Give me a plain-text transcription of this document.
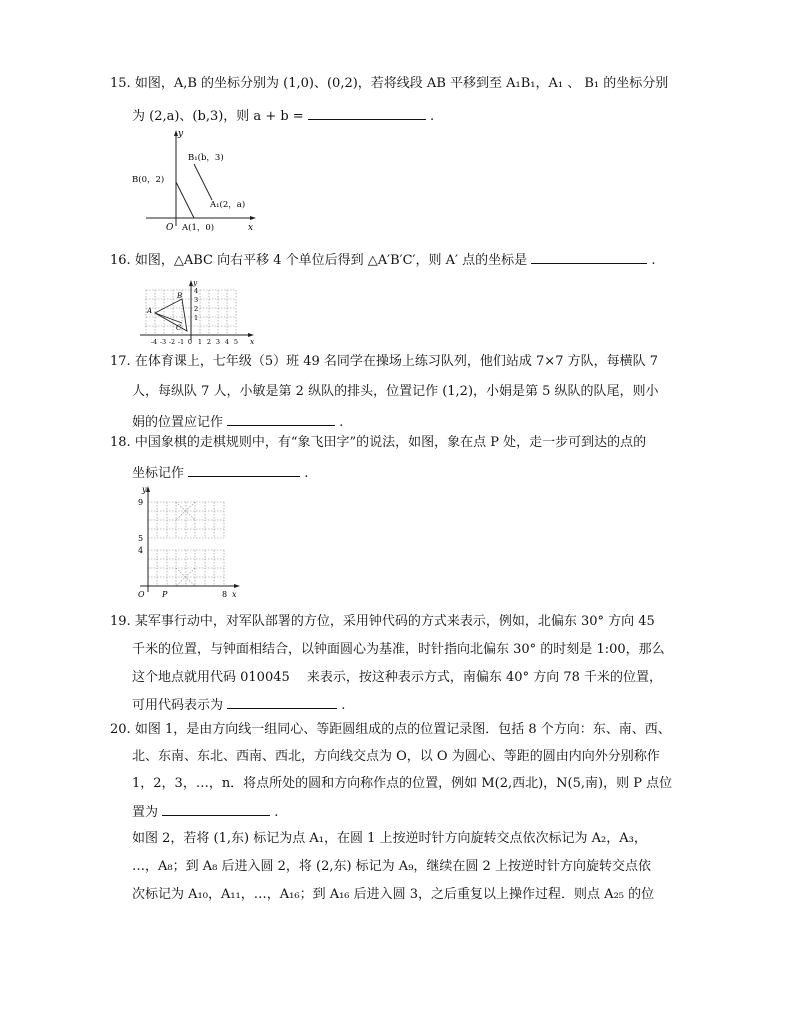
15. 如图，A,B 的坐标分别为 (1,0)、(0,2)，若将线段 AB 平移到至 A₁B₁，A₁ 、 B₁ 的坐标分别
为 (2,a)、(b,3)，则 a + b =	.
y
x
O
B(0，2)
A(1，0)
B₁(b，3)
A₁(2，a)
16. 如图，△ABC 向右平移 4 个单位后得到 △A′B′C′，则 A′ 点的坐标是	.
y
x
-4 -3 -2 -1 0 1 2 3 4 5
4
3
2
1
A
B
C
17. 在体育课上，七年级（5）班 49 名同学在操场上练习队列，他们站成 7×7 方队，每横队 7
人，每纵队 7 人，小敏是第 2 纵队的排头，位置记作 (1,2)，小娟是第 5 纵队的队尾，则小
娟的位置应记作	.
18. 中国象棋的走棋规则中，有“象飞田字”的说法，如图，象在点 P 处，走一步可到达的点的
坐标记作	.
y
x
O
9
5
4
8
P
19. 某军事行动中，对军队部署的方位，采用钟代码的方式来表示，例如，北偏东 30° 方向 45
千米的位置，与钟面相结合，以钟面圆心为基准，时针指向北偏东 30° 的时刻是 1:00，那么
这个地点就用代码 010045　 来表示，按这种表示方式，南偏东 40° 方向 78 千米的位置，
可用代码表示为	.
20. 如图 1，是由方向线一组同心、等距圆组成的点的位置记录图．包括 8 个方向：东、南、西、
北、东南、东北、西南、西北，方向线交点为 O，以 O 为圆心、等距的圆由内向外分别称作
1，2，3，…，n．将点所处的圆和方向称作点的位置，例如 M(2,西北)，N(5,南)，则 P 点位
置为	.
如图 2，若将 (1,东) 标记为点 A₁，在圆 1 上按逆时针方向旋转交点依次标记为 A₂，A₃，
…，A₈；到 A₈ 后进入圆 2，将 (2,东) 标记为 A₉，继续在圆 2 上按逆时针方向旋转交点依
次标记为 A₁₀，A₁₁，…，A₁₆；到 A₁₆ 后进入圆 3，之后重复以上操作过程．则点 A₂₅ 的位
